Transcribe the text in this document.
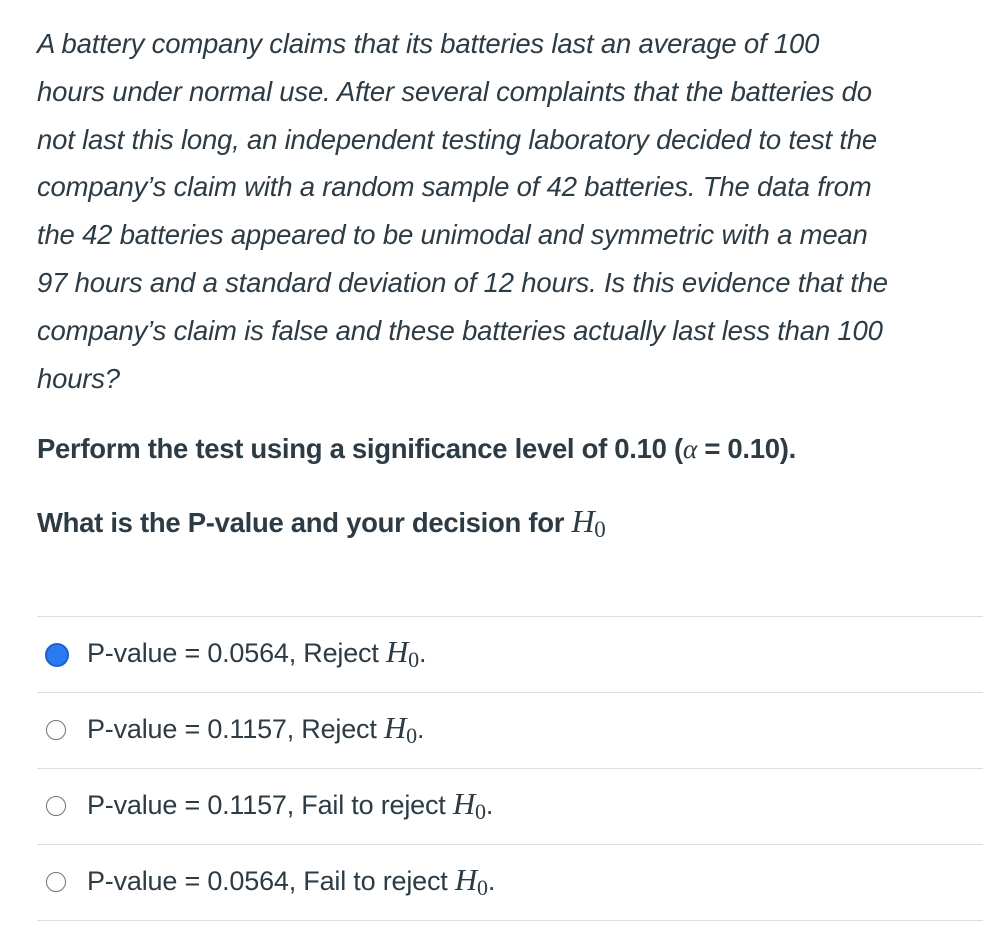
A battery company claims that its batteries last an average of 100
hours under normal use. After several complaints that the batteries do
not last this long, an independent testing laboratory decided to test the
company’s claim with a random sample of 42 batteries. The data from
the 42 batteries appeared to be unimodal and symmetric with a mean
97 hours and a standard deviation of 12 hours. Is this evidence that the
company’s claim is false and these batteries actually last less than 100
hours?

Perform the test using a significance level of 0.10 (α = 0.10).

What is the P-value and your decision for H0

P-value = 0.0564, Reject H0.
P-value = 0.1157, Reject H0.
P-value = 0.1157, Fail to reject H0.
P-value = 0.0564, Fail to reject H0.
